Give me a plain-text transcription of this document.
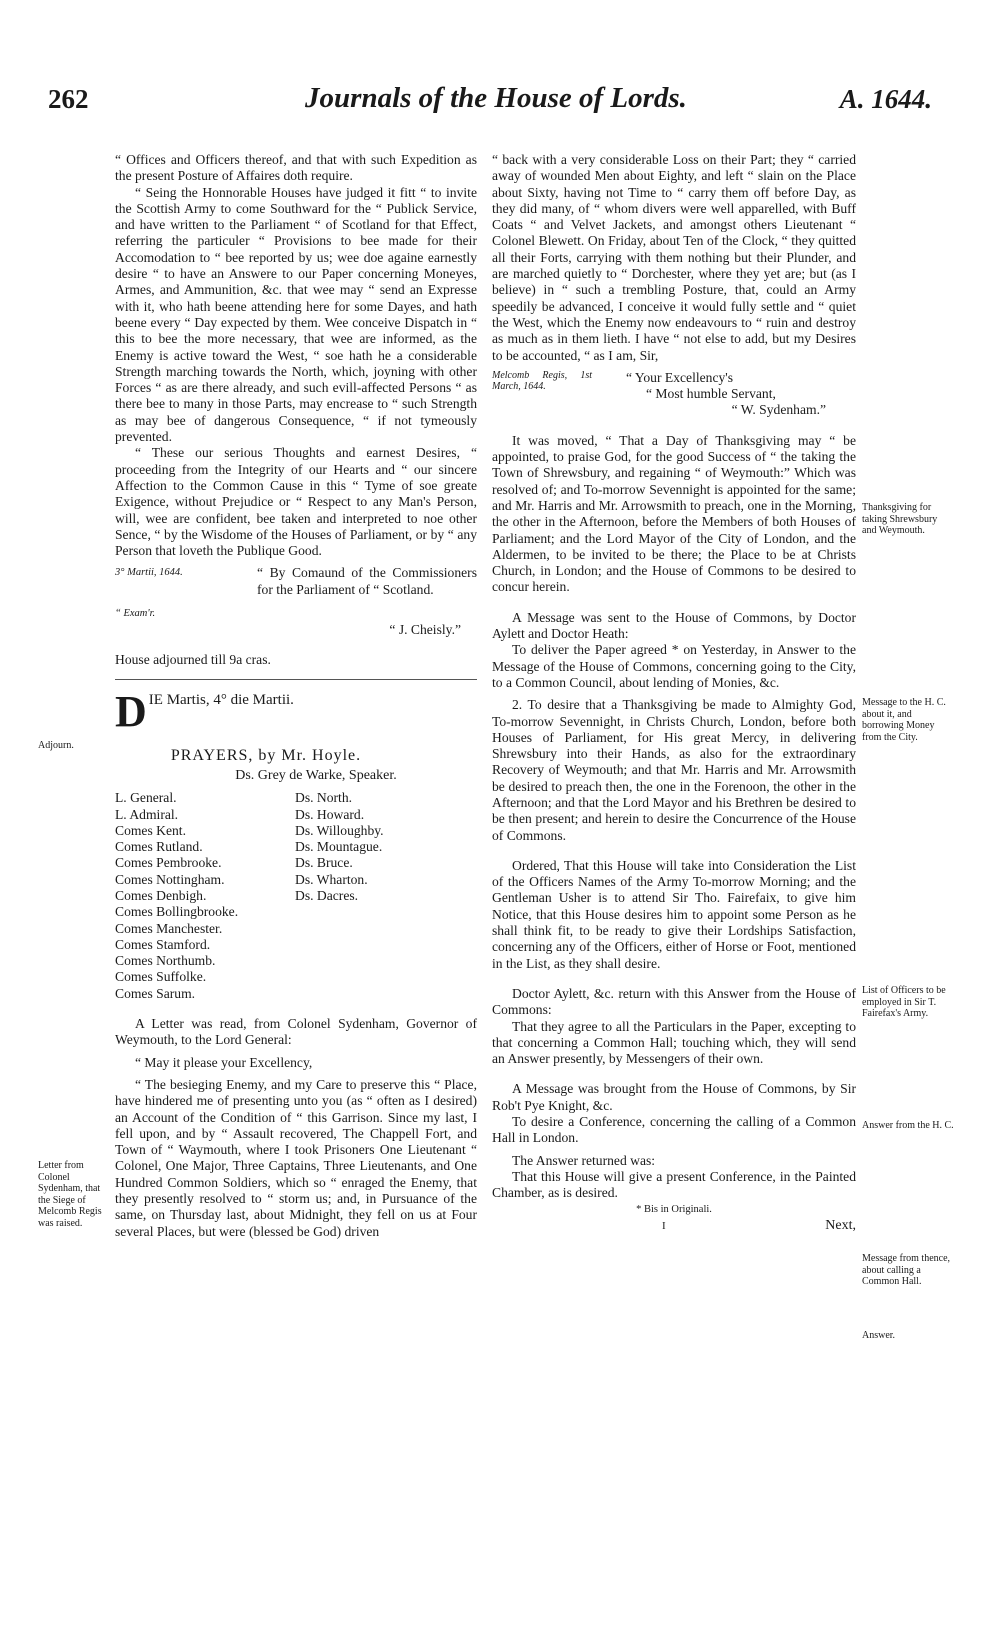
262	Journals of the House of Lords.	A. 1644.

“ Offices and Officers thereof, and that with such Expedition as the present Posture of Affaires doth require.

“ Seing the Honnorable Houses have judged it fitt “ to invite the Scottish Army to come Southward for the “ Publick Service, and have written to the Parliament “ of Scotland for that Effect, referring the particuler “ Provisions to bee made for their Accomodation to “ bee reported by us; wee doe againe earnestly desire “ to have an Answere to our Paper concerning Moneyes, Armes, and Ammunition, &c. that wee may “ send an Expresse with it, who hath beene attending here for some Dayes, and hath beene every “ Day expected by them. Wee conceive Dispatch in “ this to bee the more necessary, that wee are informed, as the Enemy is active toward the West, “ soe hath he a considerable Strength marching towards the North, which, joyning with other Forces “ as are there already, and such evill-affected Persons “ as there bee to many in those Parts, may encrease to “ such Strength as may bee of dangerous Consequence, “ if not tymeously prevented.

“ These our serious Thoughts and earnest Desires, “ proceeding from the Integrity of our Hearts and “ our sincere Affection to the Common Cause in this “ Tyme of soe greate Exigence, without Prejudice or “ Respect to any Man's Person, will, wee are confident, bee taken and interpreted to noe other Sence, “ by the Wisdome of the Houses of Parliament, or by “ any Person that loveth the Publique Good.

3° Martii, 1644.
“ Exam'r.
“ By Comaund of the Commissioners for the Parliament of “ Scotland.
“ J. Cheisly.”

House adjourned till 9a cras.

D IE Martis, 4° die Martii.
PRAYERS, by Mr. Hoyle.
Ds. Grey de Warke, Speaker.
L. General.
L. Admiral.
Comes Kent.
Comes Rutland.
Comes Pembrooke.
Comes Nottingham.
Comes Denbigh.
Comes Bollingbrooke.
Comes Manchester.
Comes Stamford.
Comes Northumb.
Comes Suffolke.
Comes Sarum.
Ds. North.
Ds. Howard.
Ds. Willoughby.
Ds. Mountague.
Ds. Bruce.
Ds. Wharton.
Ds. Dacres.

A Letter was read, from Colonel Sydenham, Governor of Weymouth, to the Lord General:

“ May it please your Excellency,

“ The besieging Enemy, and my Care to preserve this “ Place, have hindered me of presenting unto you (as “ often as I desired) an Account of the Condition of “ this Garrison. Since my last, I fell upon, and by “ Assault recovered, The Chappell Fort, and Town of “ Waymouth, where I took Prisoners One Lieutenant “ Colonel, One Major, Three Captains, Three Lieutenants, and One Hundred Common Soldiers, which so “ enraged the Enemy, that they presently resolved to “ storm us; and, in Pursuance of the same, on Thursday last, about Midnight, they fell on us at Four several Places, but were (blessed be God) driven

“ back with a very considerable Loss on their Part; they “ carried away of wounded Men about Eighty, and left “ slain on the Place about Sixty, having not Time to “ carry them off before Day, as they did many, of “ whom divers were well apparelled, with Buff Coats “ and Velvet Jackets, and amongst others Lieutenant “ Colonel Blewett. On Friday, about Ten of the Clock, “ they quitted all their Forts, carrying with them nothing but their Plunder, and are marched quietly to “ Dorchester, where they yet are; but (as I believe) in “ such a trembling Posture, that, could an Army speedily be advanced, I conceive it would fully settle and “ quiet the West, which the Enemy now endeavours to “ ruin and destroy as much as in them lieth. I have “ not else to add, but my Desires to be accounted, “ as I am, Sir,

Melcomb Regis, 1st March, 1644.
“ Your Excellency's
“ Most humble Servant,
“ W. Sydenham.”

It was moved, “ That a Day of Thanksgiving may “ be appointed, to praise God, for the good Success of “ the taking the Town of Shrewsbury, and regaining “ of Weymouth:” Which was resolved of; and To-morrow Sevennight is appointed for the same; and Mr. Harris and Mr. Arrowsmith to preach, one in the Morning, the other in the Afternoon, before the Members of both Houses of Parliament; and the Lord Mayor of the City of London, and the Aldermen, to be invited to be there; the Place to be at Christs Church, in London; and the House of Commons to be desired to concur herein.

A Message was sent to the House of Commons, by Doctor Aylett and Doctor Heath:

To deliver the Paper agreed * on Yesterday, in Answer to the Message of the House of Commons, concerning going to the City, to a Common Council, about lending of Monies, &c.

2. To desire that a Thanksgiving be made to Almighty God, To-morrow Sevennight, in Christs Church, London, before both Houses of Parliament, for His great Mercy, in delivering Shrewsbury into their Hands, as also for the extraordinary Recovery of Weymouth; and that Mr. Harris and Mr. Arrowsmith be desired to preach then, the one in the Forenoon, the other in the Afternoon; and that the Lord Mayor and his Brethren be desired to be then present; and herein to desire the Concurrence of the House of Commons.

Ordered, That this House will take into Consideration the List of the Officers Names of the Army To-morrow Morning; and the Gentleman Usher is to attend Sir Tho. Fairefaix, to give him Notice, that this House desires him to appoint some Person as he shall think fit, to be ready to give their Lordships Satisfaction, concerning any of the Officers, either of Horse or Foot, mentioned in the List, as they shall desire.

Doctor Aylett, &c. return with this Answer from the House of Commons:

That they agree to all the Particulars in the Paper, excepting to that concerning a Common Hall; touching which, they will send an Answer presently, by Messengers of their own.

A Message was brought from the House of Commons, by Sir Rob't Pye Knight, &c.

To desire a Conference, concerning the calling of a Common Hall in London.

The Answer returned was:

That this House will give a present Conference, in the Painted Chamber, as is desired.

* Bis in Originali.
I	Next,
Adjourn.
Letter from Colonel Sydenham, that the Siege of Melcomb Regis was raised.
Thanksgiving for taking Shrewsbury and Weymouth.
Message to the H. C. about it, and borrowing Money from the City.
List of Officers to be employed in Sir T. Fairefax's Army.
Answer from the H. C.
Message from thence, about calling a Common Hall.
Answer.
